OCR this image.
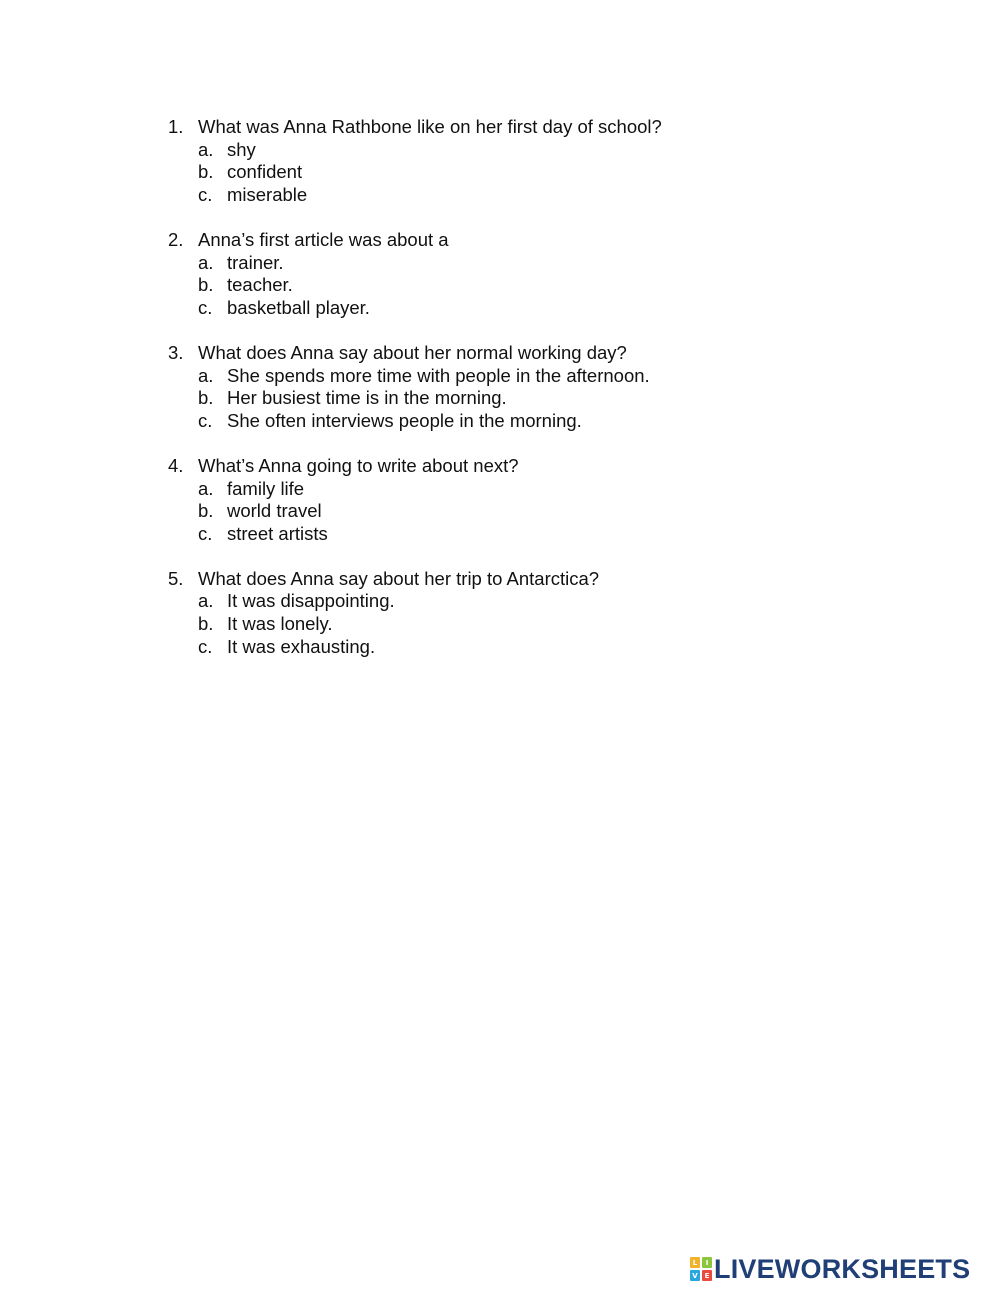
1. What was Anna Rathbone like on her first day of school?
a. shy
b. confident
c. miserable
2. Anna’s first article was about a
a. trainer.
b. teacher.
c. basketball player.
3. What does Anna say about her normal working day?
a. She spends more time with people in the afternoon.
b. Her busiest time is in the morning.
c. She often interviews people in the morning.
4. What’s Anna going to write about next?
a. family life
b. world travel
c. street artists
5. What does Anna say about her trip to Antarctica?
a. It was disappointing.
b. It was lonely.
c. It was exhausting.
L	I
V E LIVEWORKSHEETS
